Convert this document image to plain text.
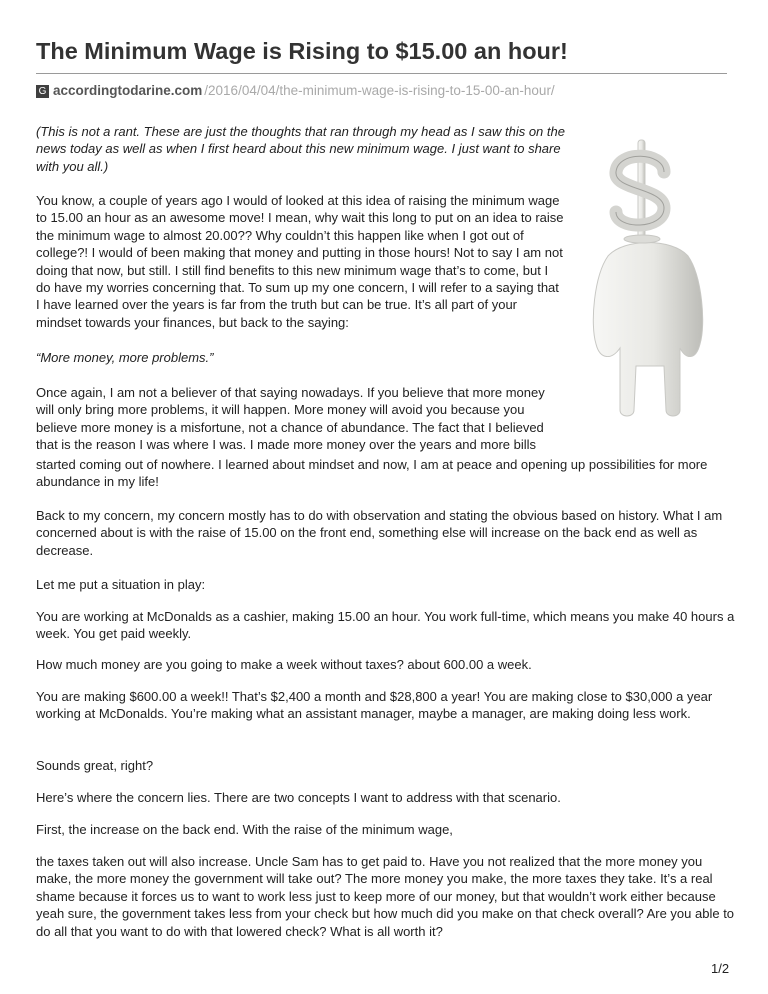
The Minimum Wage is Rising to $15.00 an hour!
G accordingtodarine.com /2016/04/04/the-minimum-wage-is-rising-to-15-00-an-hour/

(This is not a rant. These are just the thoughts that ran through my head as I saw this on the news today as well as when I first heard about this new minimum wage. I just want to share with you all.)

You know, a couple of years ago I would of looked at this idea of raising the minimum wage to 15.00 an hour as an awesome move! I mean, why wait this long to put on an idea to raise the minimum wage to almost 20.00?? Why couldn’t this happen like when I got out of college?! I would of been making that money and putting in those hours! Not to say I am not doing that now, but still. I still find benefits to this new minimum wage that’s to come, but I do have my worries concerning that. To sum up my one concern, I will refer to a saying that I have learned over the years is far from the truth but can be true. It’s all part of your mindset towards your finances, but back to the saying:

“More money, more problems.”

Once again, I am not a believer of that saying nowadays. If you believe that more money will only bring more problems, it will happen. More money will avoid you because you believe more money is a misfortune, not a chance of abundance. The fact that I believed that is the reason I was where I was. I made more money over the years and more bills

started coming out of nowhere. I learned about mindset and now, I am at peace and opening up possibilities for more abundance in my life!

Back to my concern, my concern mostly has to do with observation and stating the obvious based on history. What I am concerned about is with the raise of 15.00 on the front end, something else will increase on the back end as well as decrease.

Let me put a situation in play:

You are working at McDonalds as a cashier, making 15.00 an hour. You work full-time, which means you make 40 hours a week. You get paid weekly.

How much money are you going to make a week without taxes? about 600.00 a week.

You are making $600.00 a week!! That’s $2,400 a month and $28,800 a year! You are making close to $30,000 a year working at McDonalds. You’re making what an assistant manager, maybe a manager, are making doing less work.

Sounds great, right?

Here’s where the concern lies. There are two concepts I want to address with that scenario.

First, the increase on the back end. With the raise of the minimum wage,

the taxes taken out will also increase. Uncle Sam has to get paid to. Have you not realized that the more money you make, the more money the government will take out? The more money you make, the more taxes they take. It’s a real shame because it forces us to want to work less just to keep more of our money, but that wouldn’t work either because yeah sure, the government takes less from your check but how much did you make on that check overall? Are you able to do all that you want to do with that lowered check? What is all worth it?

1/2
